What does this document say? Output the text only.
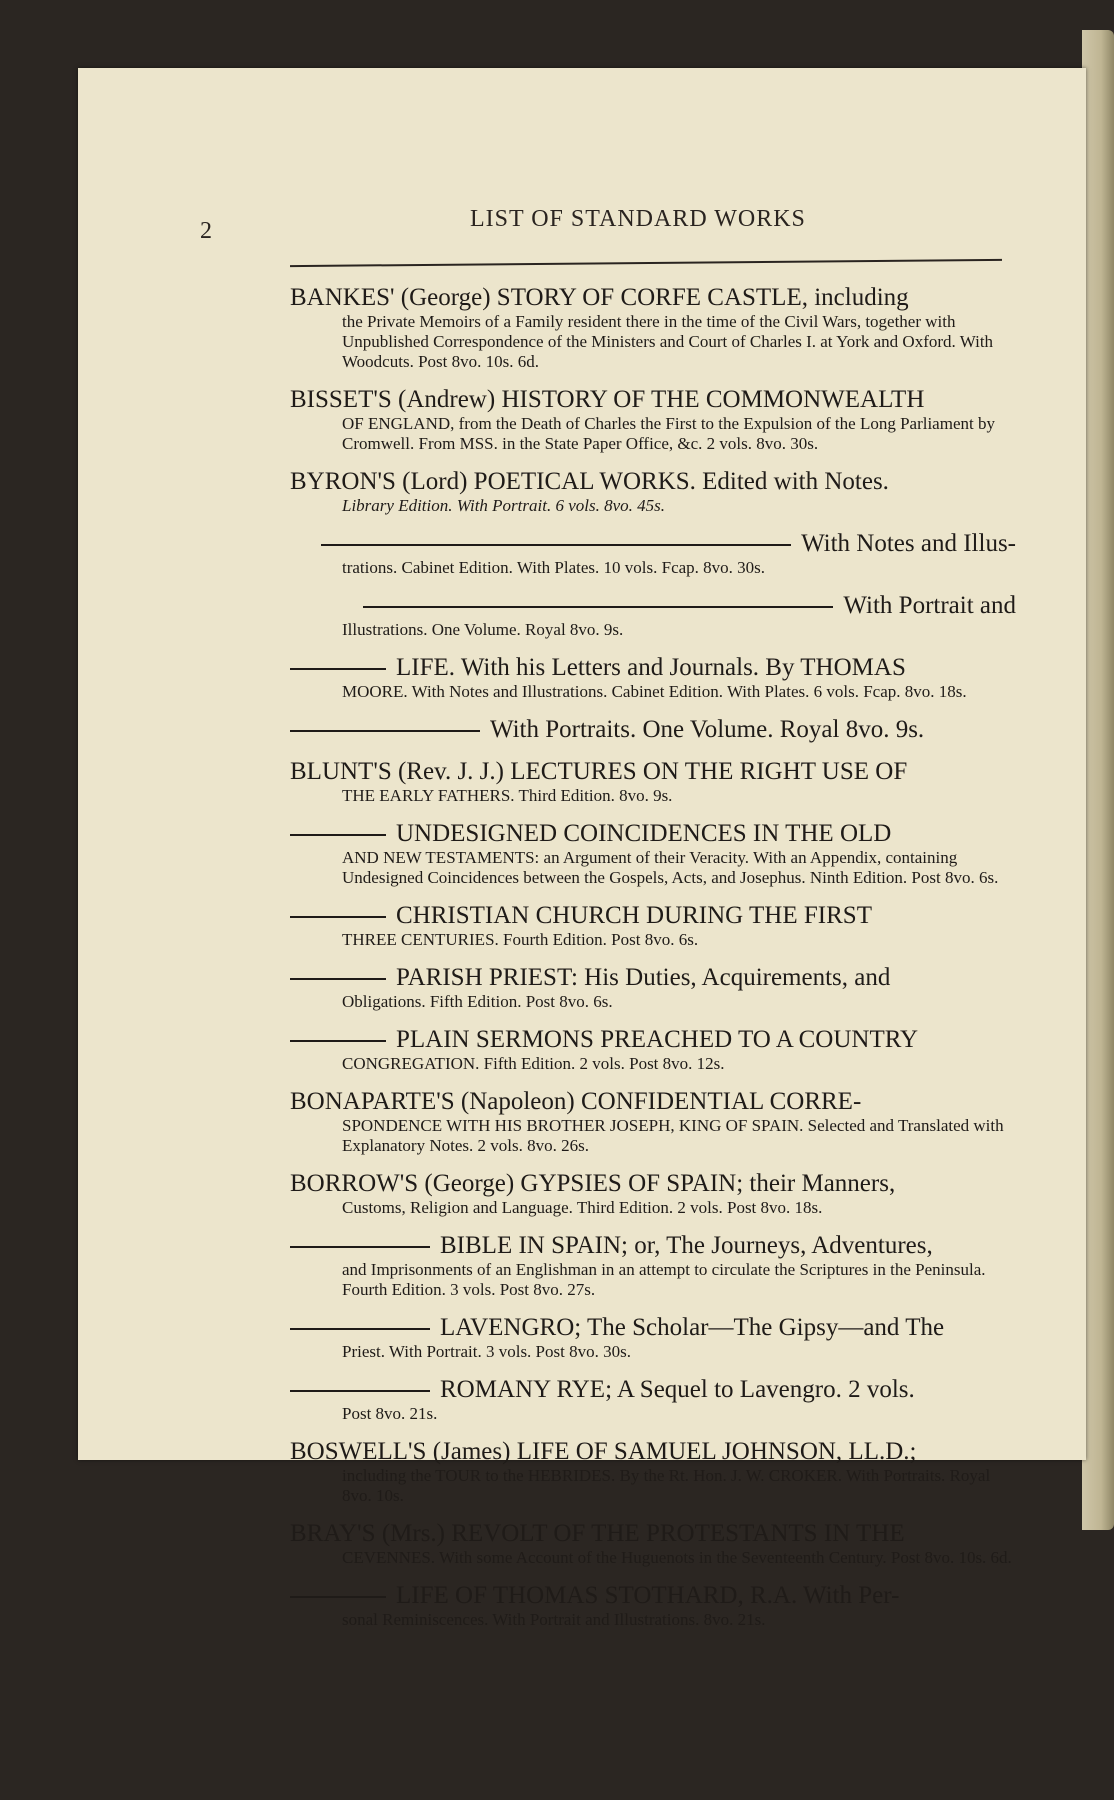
2	LIST OF STANDARD WORKS
BANKES' (George) STORY OF CORFE CASTLE, including
the Private Memoirs of a Family resident there in the time of the Civil Wars, together with Unpublished Correspondence of the Ministers and Court of Charles I. at York and Oxford. With Woodcuts. Post 8vo. 10s. 6d.
BISSET'S (Andrew) HISTORY OF THE COMMONWEALTH
OF ENGLAND, from the Death of Charles the First to the Expulsion of the Long Parliament by Cromwell. From MSS. in the State Paper Office, &c. 2 vols. 8vo. 30s.
BYRON'S (Lord) POETICAL WORKS. Edited with Notes.
Library Edition. With Portrait. 6 vols. 8vo. 45s.
With Notes and Illus-
trations. Cabinet Edition. With Plates. 10 vols. Fcap. 8vo. 30s.
With Portrait and
Illustrations. One Volume. Royal 8vo. 9s.
LIFE. With his Letters and Journals. By THOMAS
MOORE. With Notes and Illustrations. Cabinet Edition. With Plates. 6 vols. Fcap. 8vo. 18s.
With Portraits. One Volume. Royal 8vo. 9s.
BLUNT'S (Rev. J. J.) LECTURES ON THE RIGHT USE OF
THE EARLY FATHERS. Third Edition. 8vo. 9s.
UNDESIGNED COINCIDENCES IN THE OLD
AND NEW TESTAMENTS: an Argument of their Veracity. With an Appendix, containing Undesigned Coincidences between the Gospels, Acts, and Josephus. Ninth Edition. Post 8vo. 6s.
CHRISTIAN CHURCH DURING THE FIRST
THREE CENTURIES. Fourth Edition. Post 8vo. 6s.
PARISH PRIEST: His Duties, Acquirements, and
Obligations. Fifth Edition. Post 8vo. 6s.
PLAIN SERMONS PREACHED TO A COUNTRY
CONGREGATION. Fifth Edition. 2 vols. Post 8vo. 12s.
BONAPARTE'S (Napoleon) CONFIDENTIAL CORRE-
SPONDENCE WITH HIS BROTHER JOSEPH, KING OF SPAIN. Selected and Translated with Explanatory Notes. 2 vols. 8vo. 26s.
BORROW'S (George) GYPSIES OF SPAIN; their Manners,
Customs, Religion and Language. Third Edition. 2 vols. Post 8vo. 18s.
BIBLE IN SPAIN; or, The Journeys, Adventures,
and Imprisonments of an Englishman in an attempt to circulate the Scriptures in the Peninsula. Fourth Edition. 3 vols. Post 8vo. 27s.
LAVENGRO; The Scholar—The Gipsy—and The
Priest. With Portrait. 3 vols. Post 8vo. 30s.
ROMANY RYE; A Sequel to Lavengro. 2 vols.
Post 8vo. 21s.
BOSWELL'S (James) LIFE OF SAMUEL JOHNSON, LL.D.;
including the TOUR to the HEBRIDES. By the Rt. Hon. J. W. CROKER. With Portraits. Royal 8vo. 10s.
BRAY'S (Mrs.) REVOLT OF THE PROTESTANTS IN THE
CEVENNES. With some Account of the Huguenots in the Seventeenth Century. Post 8vo. 10s. 6d.
LIFE OF THOMAS STOTHARD, R.A. With Per-
sonal Reminiscences. With Portrait and Illustrations. 8vo. 21s.
